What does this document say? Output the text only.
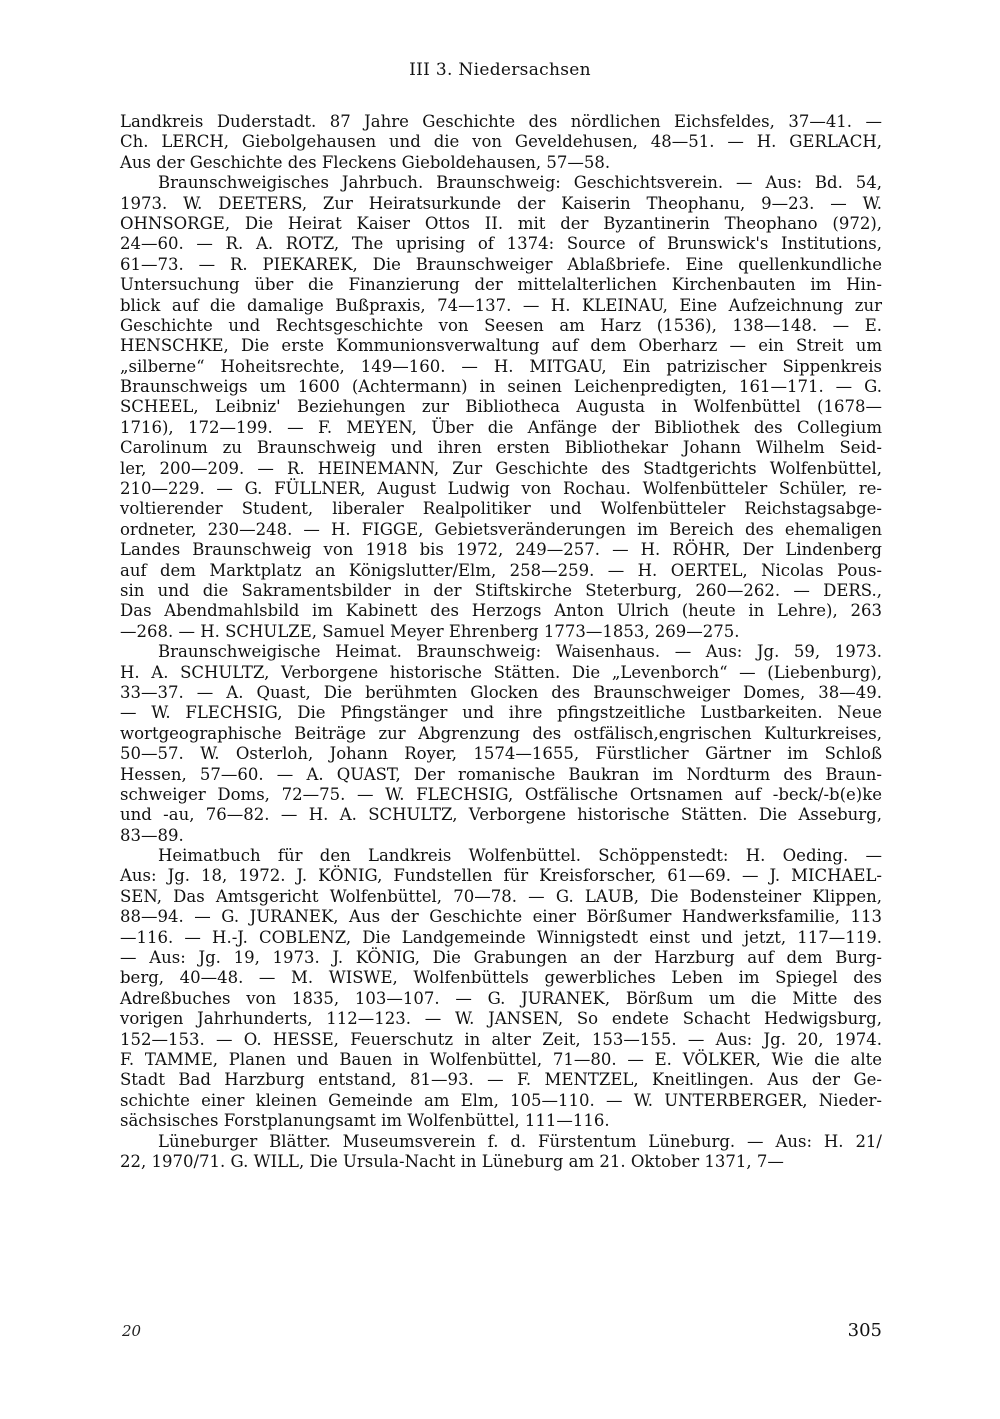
III 3. Niedersachsen
Landkreis Duderstadt. 87 Jahre Geschichte des nördlichen Eichsfeldes, 37—41. —
Ch. LERCH, Giebolgehausen und die von Geveldehusen, 48—51. — H. GERLACH,
Aus der Geschichte des Fleckens Gieboldehausen, 57—58.
Braunschweigisches Jahrbuch. Braunschweig: Geschichtsverein. — Aus: Bd. 54,
1973. W. DEETERS, Zur Heiratsurkunde der Kaiserin Theophanu, 9—23. — W.
OHNSORGE, Die Heirat Kaiser Ottos II. mit der Byzantinerin Theophano (972),
24—60. — R. A. ROTZ, The uprising of 1374: Source of Brunswick's Institutions,
61—73. — R. PIEKAREK, Die Braunschweiger Ablaßbriefe. Eine quellenkundliche
Untersuchung über die Finanzierung der mittelalterlichen Kirchenbauten im Hin-
blick auf die damalige Bußpraxis, 74—137. — H. KLEINAU, Eine Aufzeichnung zur
Geschichte und Rechtsgeschichte von Seesen am Harz (1536), 138—148. — E.
HENSCHKE, Die erste Kommunionsverwaltung auf dem Oberharz — ein Streit um
„silberne“ Hoheitsrechte, 149—160. — H. MITGAU, Ein patrizischer Sippenkreis
Braunschweigs um 1600 (Achtermann) in seinen Leichenpredigten, 161—171. — G.
SCHEEL, Leibniz' Beziehungen zur Bibliotheca Augusta in Wolfenbüttel (1678—
1716), 172—199. — F. MEYEN, Über die Anfänge der Bibliothek des Collegium
Carolinum zu Braunschweig und ihren ersten Bibliothekar Johann Wilhelm Seid-
ler, 200—209. — R. HEINEMANN, Zur Geschichte des Stadtgerichts Wolfenbüttel,
210—229. — G. FÜLLNER, August Ludwig von Rochau. Wolfenbütteler Schüler, re-
voltierender Student, liberaler Realpolitiker und Wolfenbütteler Reichstagsabge-
ordneter, 230—248. — H. FIGGE, Gebietsveränderungen im Bereich des ehemaligen
Landes Braunschweig von 1918 bis 1972, 249—257. — H. RÖHR, Der Lindenberg
auf dem Marktplatz an Königslutter/Elm, 258—259. — H. OERTEL, Nicolas Pous-
sin und die Sakramentsbilder in der Stiftskirche Steterburg, 260—262. — DERS.,
Das Abendmahlsbild im Kabinett des Herzogs Anton Ulrich (heute in Lehre), 263
—268. — H. SCHULZE, Samuel Meyer Ehrenberg 1773—1853, 269—275.
Braunschweigische Heimat. Braunschweig: Waisenhaus. — Aus: Jg. 59, 1973.
H. A. SCHULTZ, Verborgene historische Stätten. Die „Levenborch“ — (Liebenburg),
33—37. — A. Quast, Die berühmten Glocken des Braunschweiger Domes, 38—49.
— W. FLECHSIG, Die Pfingstänger und ihre pfingstzeitliche Lustbarkeiten. Neue
wortgeographische Beiträge zur Abgrenzung des ostfälisch,engrischen Kulturkreises,
50—57. W. Osterloh, Johann Royer, 1574—1655, Fürstlicher Gärtner im Schloß
Hessen, 57—60. — A. QUAST, Der romanische Baukran im Nordturm des Braun-
schweiger Doms, 72—75. — W. FLECHSIG, Ostfälische Ortsnamen auf -beck/-b(e)ke
und -au, 76—82. — H. A. SCHULTZ, Verborgene historische Stätten. Die Asseburg,
83—89.
Heimatbuch für den Landkreis Wolfenbüttel. Schöppenstedt: H. Oeding. —
Aus: Jg. 18, 1972. J. KÖNIG, Fundstellen für Kreisforscher, 61—69. — J. MICHAEL-
SEN, Das Amtsgericht Wolfenbüttel, 70—78. — G. LAUB, Die Bodensteiner Klippen,
88—94. — G. JURANEK, Aus der Geschichte einer Börßumer Handwerksfamilie, 113
—116. — H.-J. COBLENZ, Die Landgemeinde Winnigstedt einst und jetzt, 117—119.
— Aus: Jg. 19, 1973. J. KÖNIG, Die Grabungen an der Harzburg auf dem Burg-
berg, 40—48. — M. WISWE, Wolfenbüttels gewerbliches Leben im Spiegel des
Adreßbuches von 1835, 103—107. — G. JURANEK, Börßum um die Mitte des
vorigen Jahrhunderts, 112—123. — W. JANSEN, So endete Schacht Hedwigsburg,
152—153. — O. HESSE, Feuerschutz in alter Zeit, 153—155. — Aus: Jg. 20, 1974.
F. TAMME, Planen und Bauen in Wolfenbüttel, 71—80. — E. VÖLKER, Wie die alte
Stadt Bad Harzburg entstand, 81—93. — F. MENTZEL, Kneitlingen. Aus der Ge-
schichte einer kleinen Gemeinde am Elm, 105—110. — W. UNTERBERGER, Nieder-
sächsisches Forstplanungsamt im Wolfenbüttel, 111—116.
Lüneburger Blätter. Museumsverein f. d. Fürstentum Lüneburg. — Aus: H. 21/
22, 1970/71. G. WILL, Die Ursula-Nacht in Lüneburg am 21. Oktober 1371, 7—
20	305
